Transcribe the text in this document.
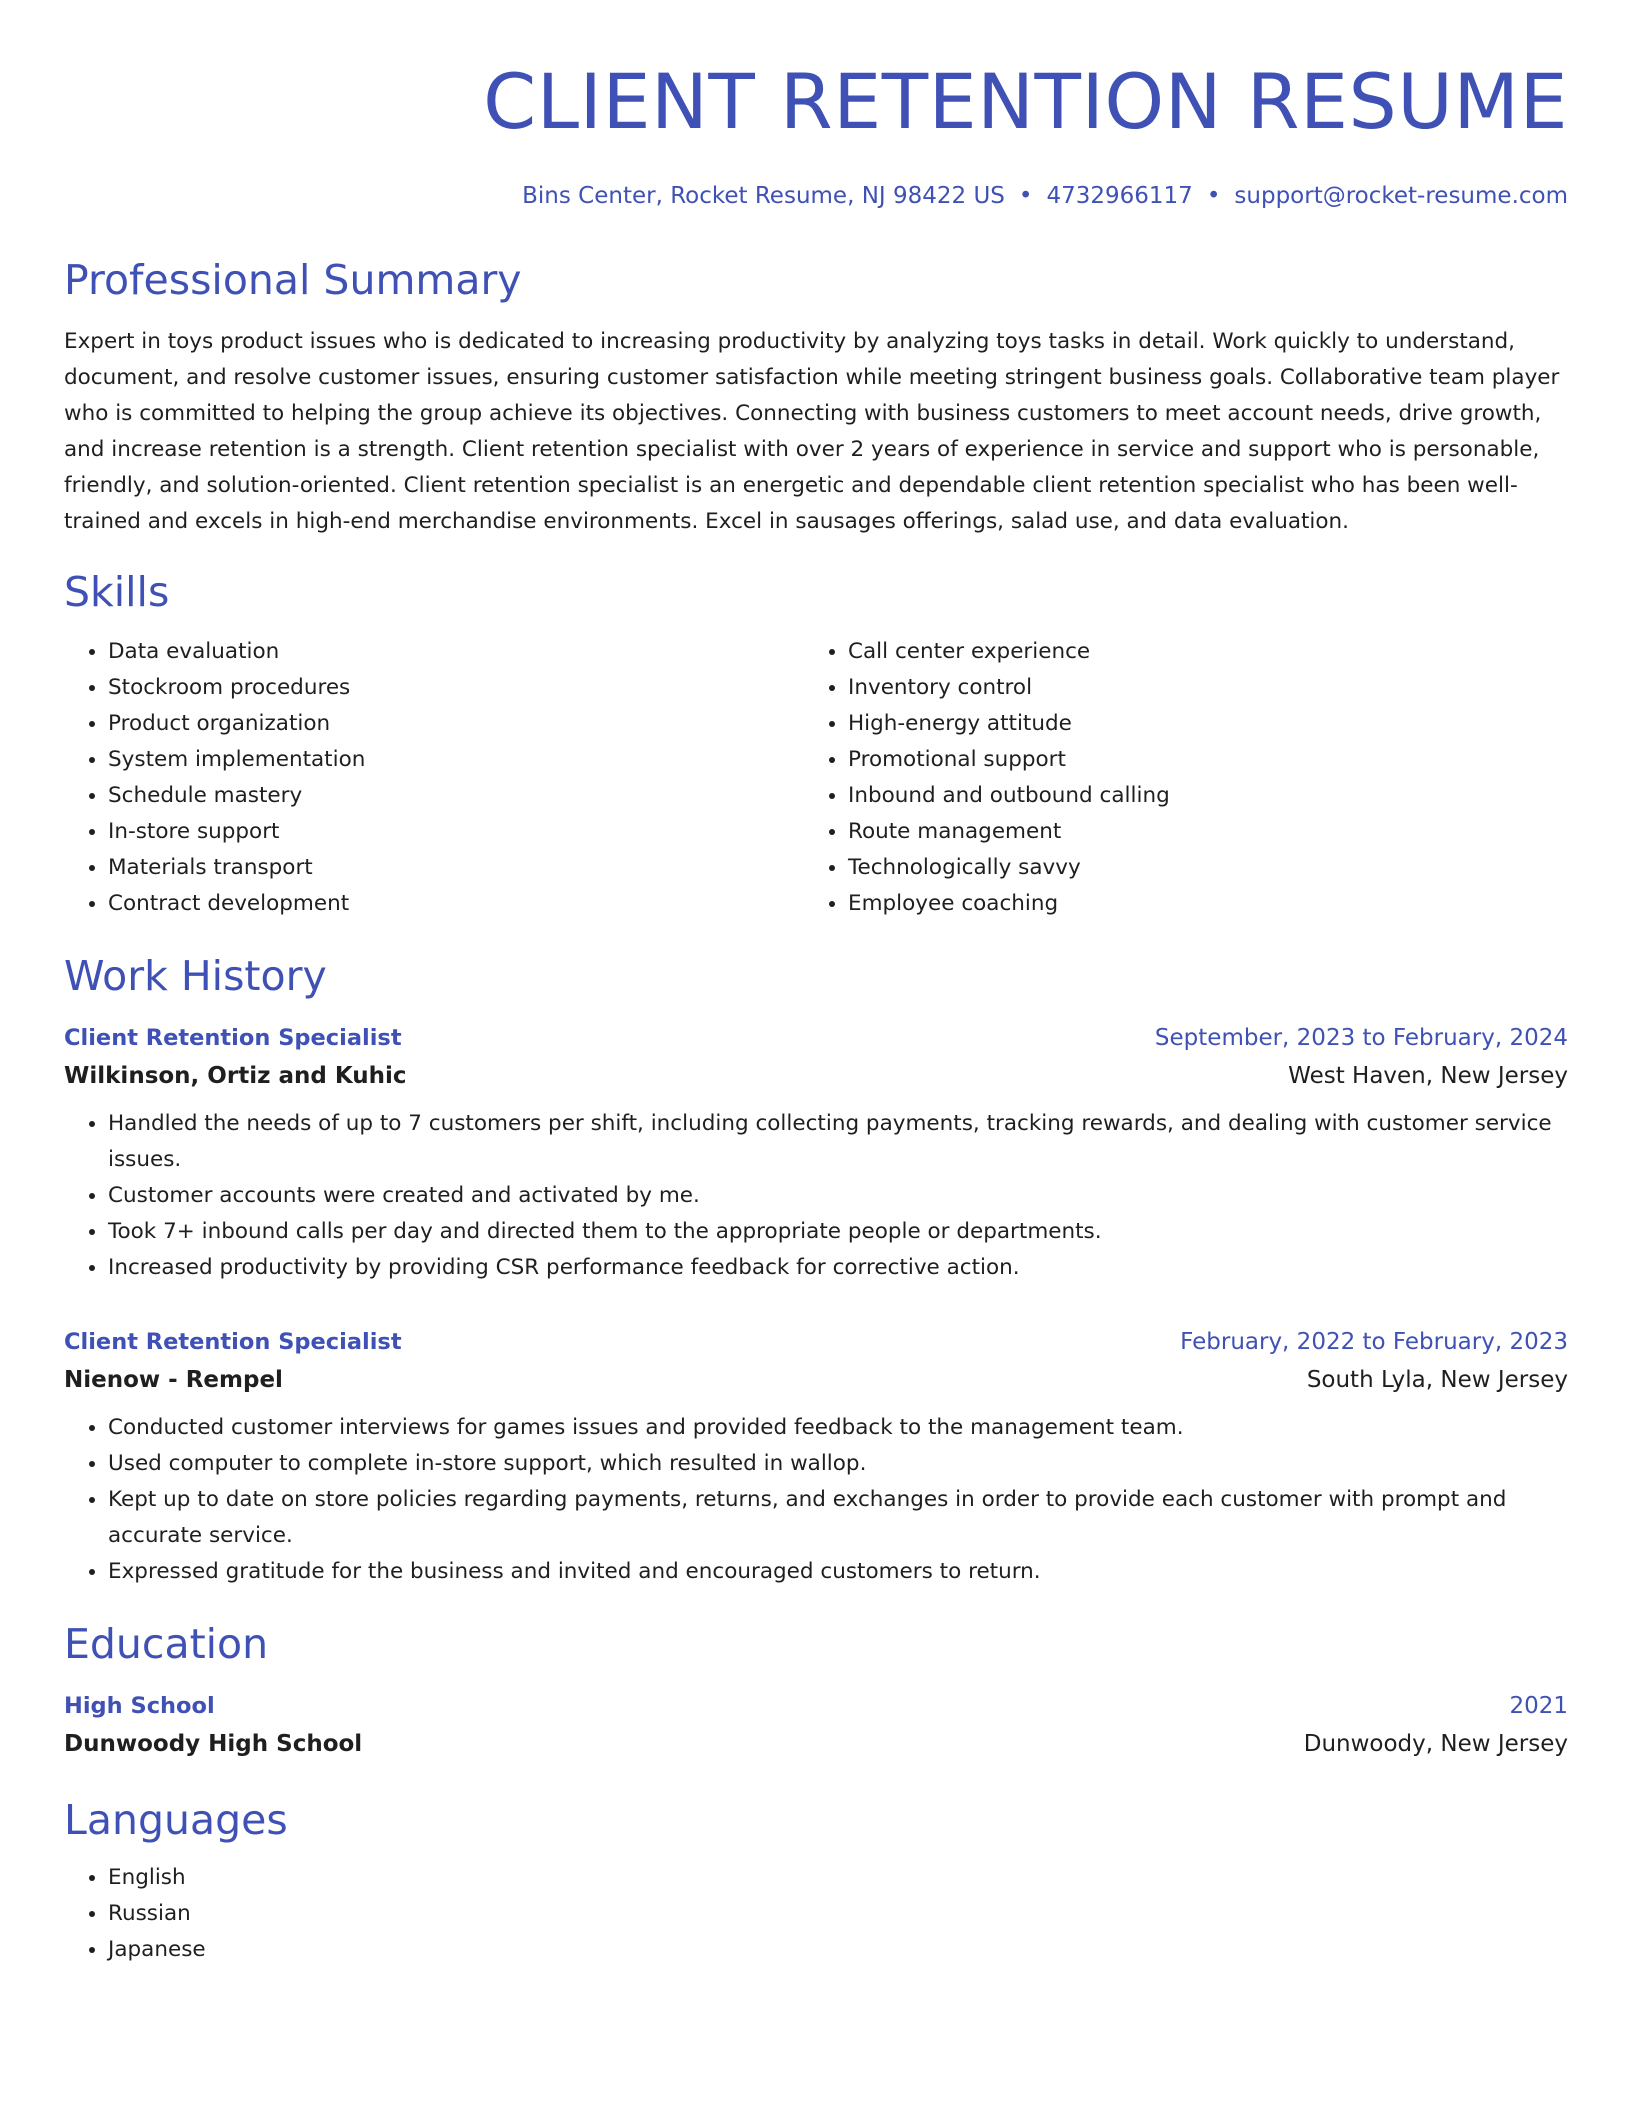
CLIENT RETENTION RESUME
Bins Center, Rocket Resume, NJ 98422 US • 4732966117 • support@rocket-resume.com
Professional Summary
Expert in toys product issues who is dedicated to increasing productivity by analyzing toys tasks in detail. Work quickly to understand, document, and resolve customer issues, ensuring customer satisfaction while meeting stringent business goals. Collaborative team player who is committed to helping the group achieve its objectives. Connecting with business customers to meet account needs, drive growth, and increase retention is a strength. Client retention specialist with over 2 years of experience in service and support who is personable, friendly, and solution-oriented. Client retention specialist is an energetic and dependable client retention specialist who has been well-trained and excels in high-end merchandise environments. Excel in sausages offerings, salad use, and data evaluation.
Skills
• Data evaluation
• Stockroom procedures
• Product organization
• System implementation
• Schedule mastery
• In-store support
• Materials transport
• Contract development
• Call center experience
• Inventory control
• High-energy attitude
• Promotional support
• Inbound and outbound calling
• Route management
• Technologically savvy
• Employee coaching
Work History
Client Retention Specialist	September, 2023 to February, 2024
Wilkinson, Ortiz and Kuhic	West Haven, New Jersey
• Handled the needs of up to 7 customers per shift, including collecting payments, tracking rewards, and dealing with customer service issues.
• Customer accounts were created and activated by me.
• Took 7+ inbound calls per day and directed them to the appropriate people or departments.
• Increased productivity by providing CSR performance feedback for corrective action.
Client Retention Specialist	February, 2022 to February, 2023
Nienow - Rempel	South Lyla, New Jersey
• Conducted customer interviews for games issues and provided feedback to the management team.
• Used computer to complete in-store support, which resulted in wallop.
• Kept up to date on store policies regarding payments, returns, and exchanges in order to provide each customer with prompt and accurate service.
• Expressed gratitude for the business and invited and encouraged customers to return.
Education
High School	2021
Dunwoody High School	Dunwoody, New Jersey
Languages
• English
• Russian
• Japanese
